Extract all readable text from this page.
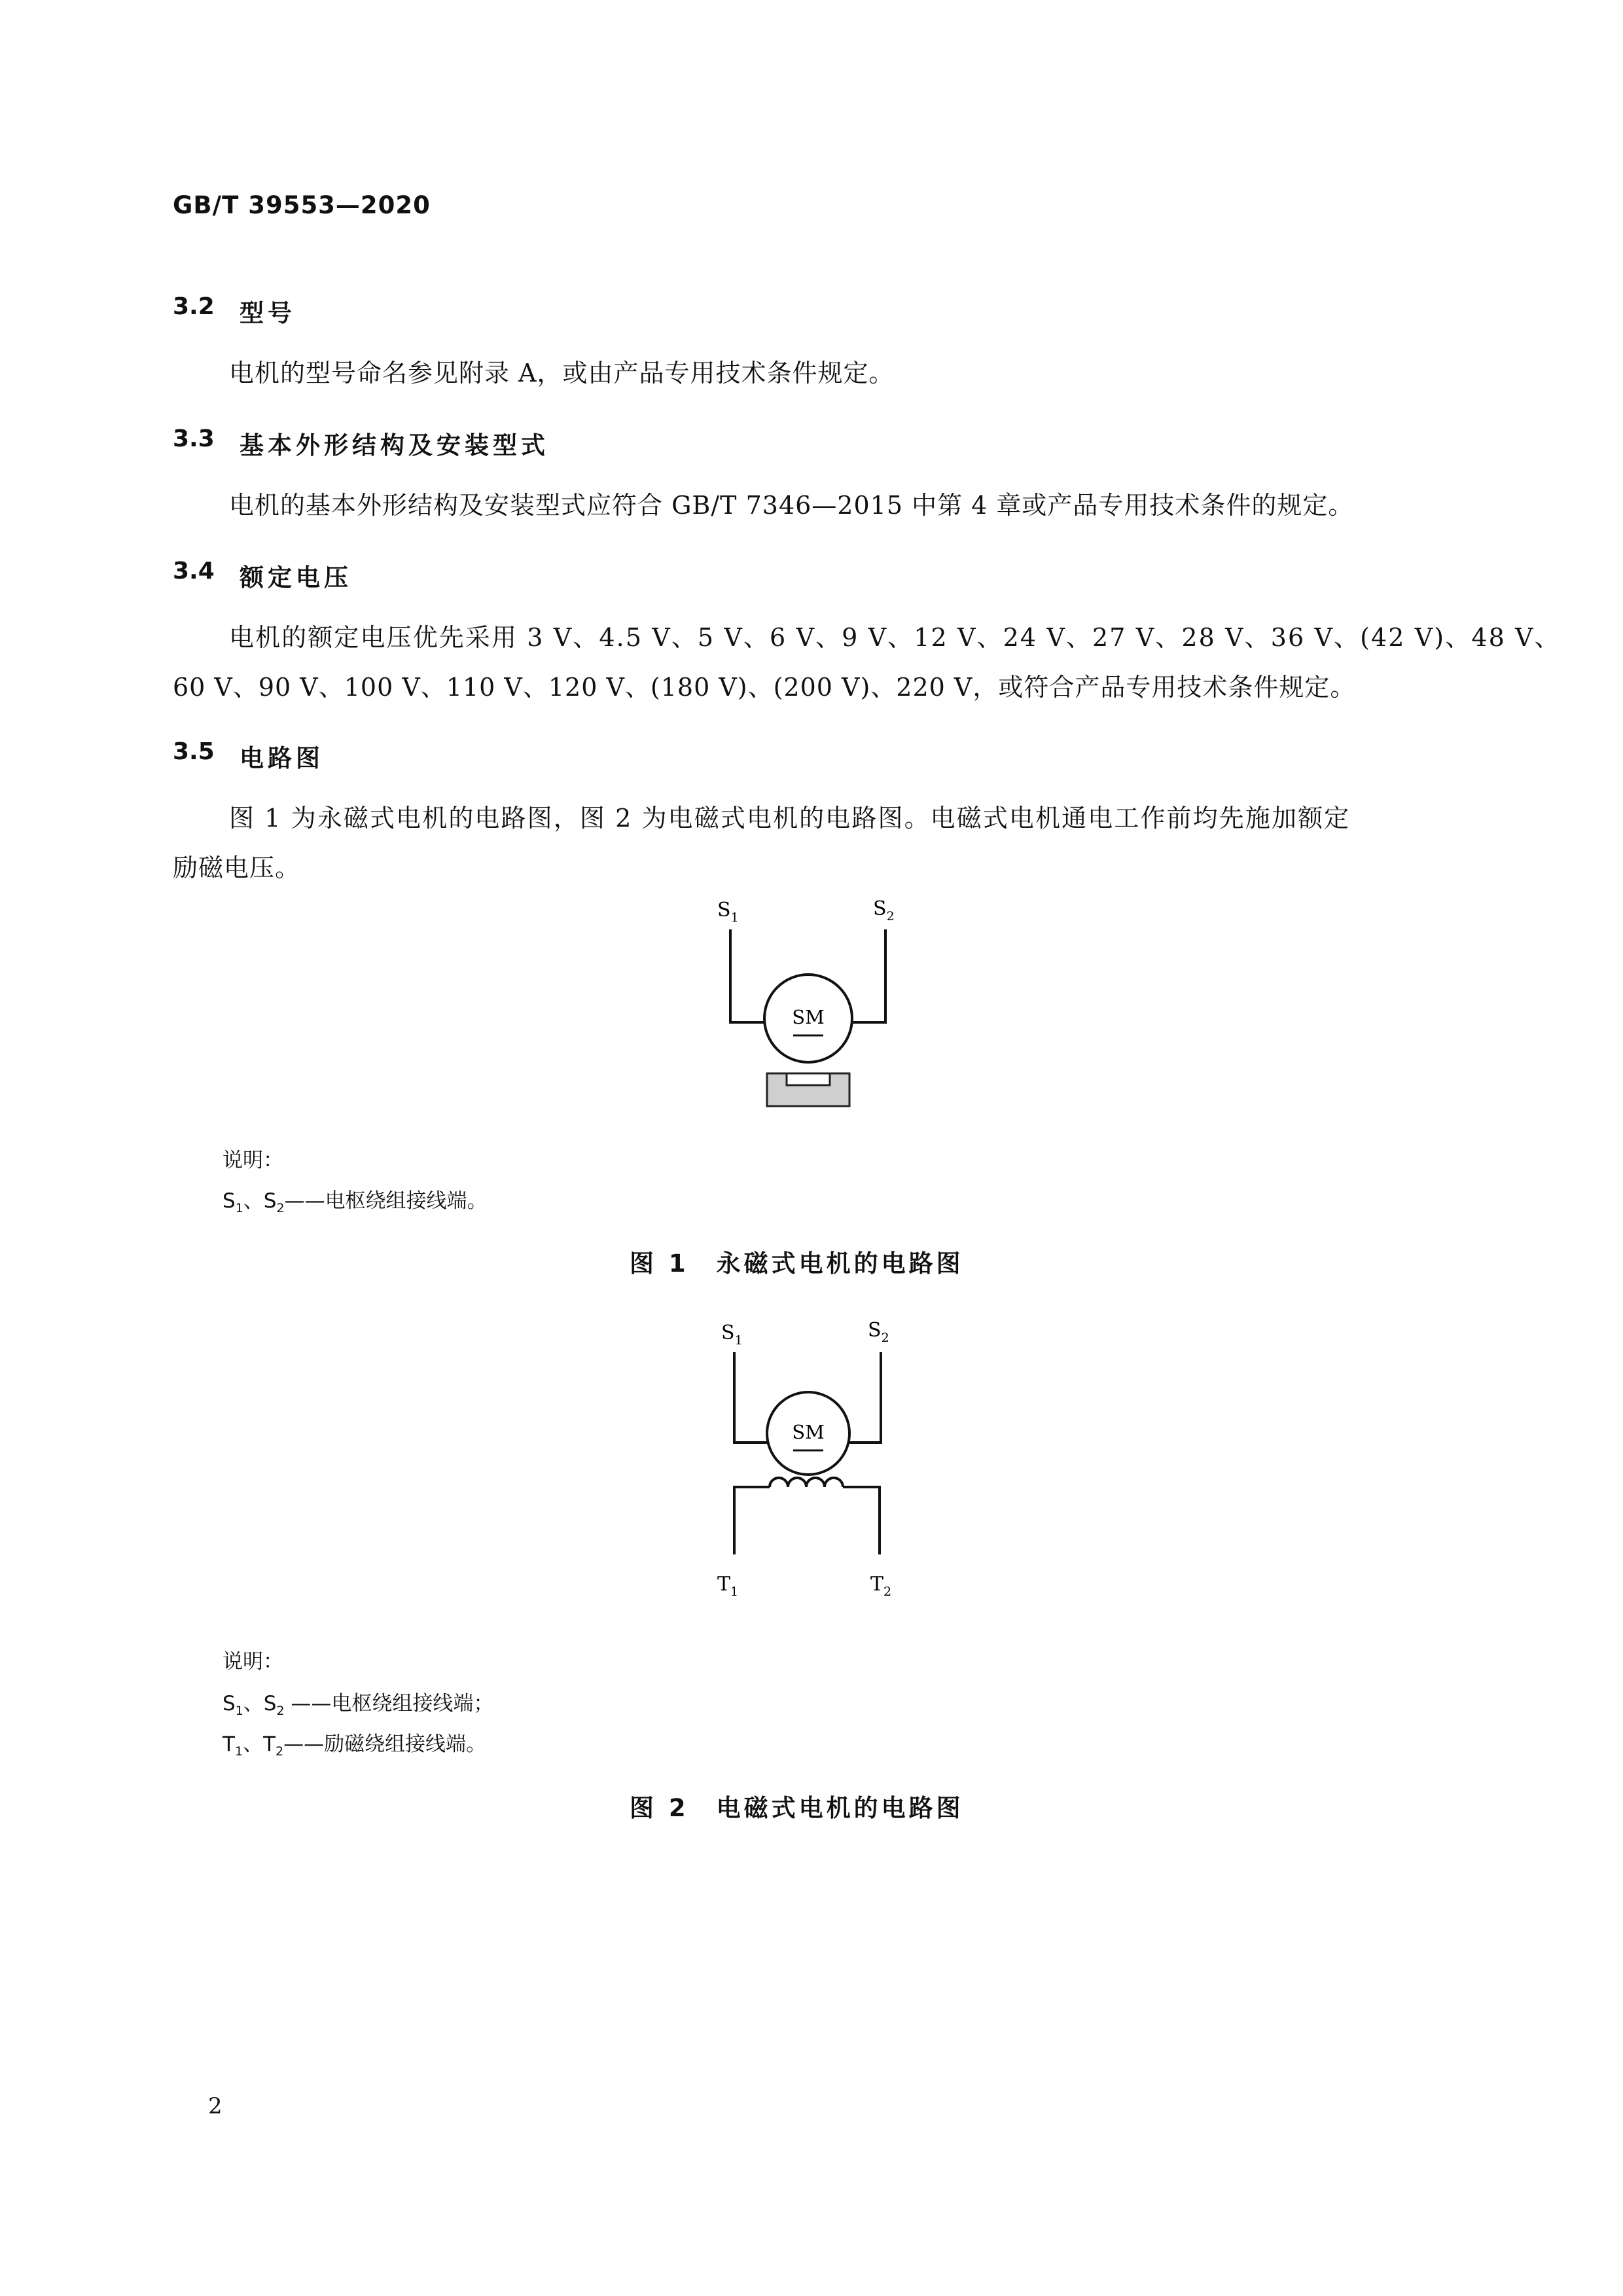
GB/T 39553—2020
3.2 型号
电机的型号命名参见附录 A，或由产品专用技术条件规定。
3.3 基本外形结构及安装型式
电机的基本外形结构及安装型式应符合 GB/T 7346—2015 中第 4 章或产品专用技术条件的规定。
3.4 额定电压
电机的额定电压优先采用 3 V、4.5 V、5 V、6 V、9 V、12 V、24 V、27 V、28 V、36 V、(42 V)、48 V、
60 V、90 V、100 V、110 V、120 V、(180 V)、(200 V)、220 V，或符合产品专用技术条件规定。
3.5 电路图
图 1 为永磁式电机的电路图，图 2 为电磁式电机的电路图。电磁式电机通电工作前均先施加额定
励磁电压。
$S_1$	$S_2$
SM
说明：
$S_1$、$S_2——$电枢绕组接线端。
图 1　永磁式电机的电路图
$S_1$	$S_2$
SM
$T_1$	$T_2$
说明：
$S_1$、$S_2$ ——电枢绕组接线端；
$T_1$、$T_2——$励磁绕组接线端。
图 2　电磁式电机的电路图
2
